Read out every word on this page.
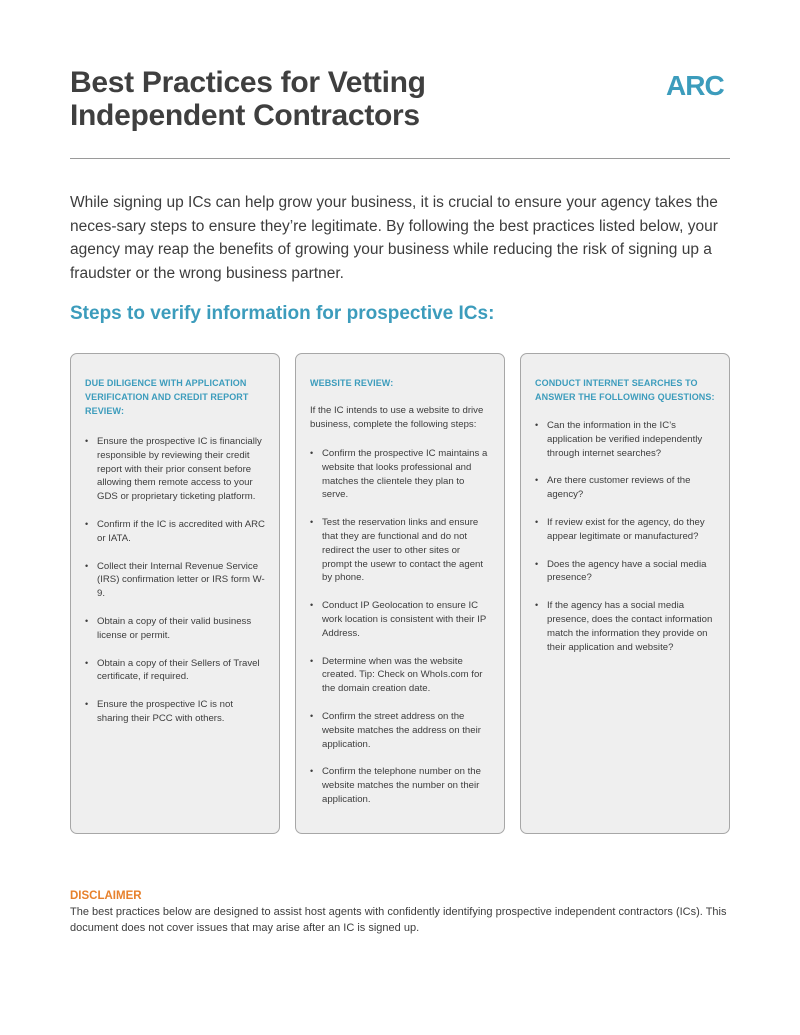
Best Practices for Vetting
Independent Contractors
ARC

While signing up ICs can help grow your business, it is crucial to ensure your agency takes the neces-sary steps to ensure they’re legitimate. By following the best practices listed below, your agency may reap the benefits of growing your business while reducing the risk of signing up a fraudster or the wrong business partner.

Steps to verify information for prospective ICs:
DUE DILIGENCE WITH APPLICATION VERIFICATION AND CREDIT REPORT REVIEW:
• Ensure the prospective IC is financially responsible by reviewing their credit report with their prior consent before allowing them remote access to your GDS or proprietary ticketing platform.
• Confirm if the IC is accredited with ARC or IATA.
• Collect their Internal Revenue Service (IRS) confirmation letter or IRS form W-9.
• Obtain a copy of their valid business license or permit.
• Obtain a copy of their Sellers of Travel certificate, if required.
• Ensure the prospective IC is not sharing their PCC with others.
WEBSITE REVIEW:

If the IC intends to use a website to drive business, complete the following steps:

• Confirm the prospective IC maintains a website that looks professional and matches the clientele they plan to serve.
• Test the reservation links and ensure that they are functional and do not redirect the user to other sites or prompt the usewr to contact the agent by phone.
• Conduct IP Geolocation to ensure IC work location is consistent with their IP Address.
• Determine when was the website created. Tip: Check on WhoIs.com for the domain creation date.
• Confirm the street address on the website matches the address on their application.
• Confirm the telephone number on the website matches the number on their application.
CONDUCT INTERNET SEARCHES TO ANSWER THE FOLLOWING QUESTIONS:
• Can the information in the IC’s application be verified independently through internet searches?
• Are there customer reviews of the agency?
• If review exist for the agency, do they appear legitimate or manufactured?
• Does the agency have a social media presence?
• If the agency has a social media presence, does the contact information match the information they provide on their application and website?
DISCLAIMER

The best practices below are designed to assist host agents with confidently identifying prospective independent contractors (ICs). This document does not cover issues that may arise after an IC is signed up.
